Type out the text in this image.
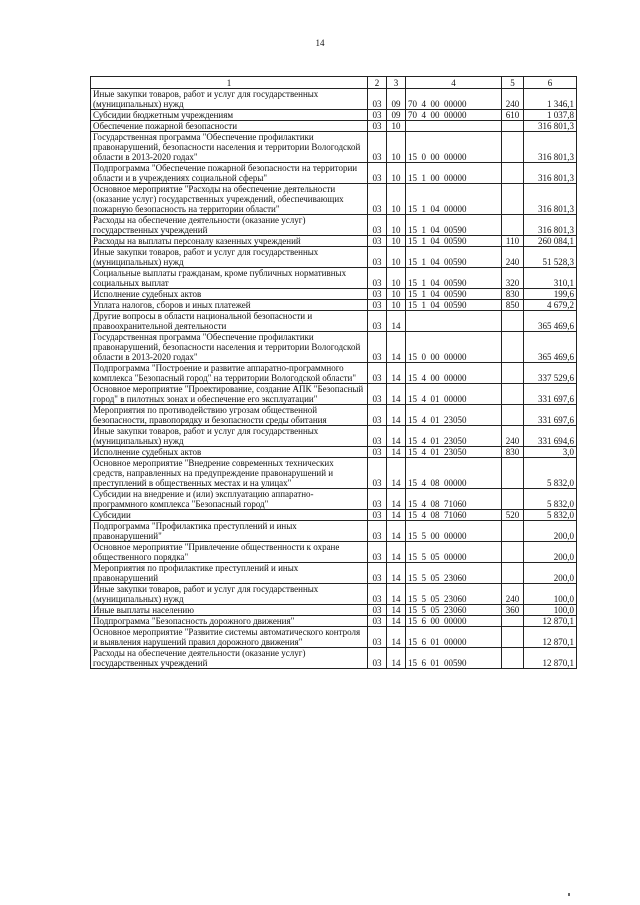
14
1	2	3	4	5	6
Иные закупки товаров, работ и услуг для государственных (муниципальных) нужд	03	09	70  4  00  00000	240	1 346,1
Субсидии бюджетным учреждениям	03	09	70  4  00  00000	610	1 037,8
Обеспечение пожарной безопасности	03	10			316 801,3
Государственная программа "Обеспечение профилактики правонарушений, безопасности населения и территории Вологодской области в 2013-2020 годах"	03	10	15  0  00  00000		316 801,3
Подпрограмма "Обеспечение пожарной безопасности на территории области и в учреждениях социальной сферы"	03	10	15  1  00  00000		316 801,3
Основное мероприятие "Расходы на обеспечение деятельности (оказание услуг) государственных учреждений, обеспечивающих пожарную безопасность на территории области"	03	10	15  1  04  00000		316 801,3
Расходы на обеспечение деятельности (оказание услуг) государственных учреждений	03	10	15  1  04  00590		316 801,3
Расходы на выплаты персоналу казенных учреждений	03	10	15  1  04  00590	110	260 084,1
Иные закупки товаров, работ и услуг для государственных (муниципальных) нужд	03	10	15  1  04  00590	240	51 528,3
Социальные выплаты гражданам, кроме публичных нормативных социальных выплат	03	10	15  1  04  00590	320	310,1
Исполнение судебных актов	03	10	15  1  04  00590	830	199,6
Уплата налогов, сборов и иных платежей	03	10	15  1  04  00590	850	4 679,2
Другие вопросы в области национальной безопасности и правоохранительной деятельности	03	14			365 469,6
Государственная программа "Обеспечение профилактики правонарушений, безопасности населения и территории Вологодской области в 2013-2020 годах"	03	14	15  0  00  00000		365 469,6
Подпрограмма "Построение и развитие аппаратно-программного комплекса "Безопасный город" на территории Вологодской области"	03	14	15  4  00  00000		337 529,6
Основное мероприятие "Проектирование, создание АПК "Безопасный город" в пилотных зонах и обеспечение его эксплуатации"	03	14	15  4  01  00000		331 697,6
Мероприятия по противодействию угрозам общественной безопасности, правопорядку и безопасности среды обитания	03	14	15  4  01  23050		331 697,6
Иные закупки товаров, работ и услуг для государственных (муниципальных) нужд	03	14	15  4  01  23050	240	331 694,6
Исполнение судебных актов	03	14	15  4  01  23050	830	3,0
Основное мероприятие "Внедрение современных технических средств, направленных на предупреждение правонарушений и преступлений в общественных местах и на улицах"	03	14	15  4  08  00000		5 832,0
Субсидии на внедрение и (или) эксплуатацию аппаратно-программного комплекса "Безопасный город"	03	14	15  4  08  71060		5 832,0
Субсидии	03	14	15  4  08  71060	520	5 832,0
Подпрограмма "Профилактика преступлений и иных правонарушений"	03	14	15  5  00  00000		200,0
Основное мероприятие "Привлечение общественности к охране общественного порядка"	03	14	15  5  05  00000		200,0
Мероприятия по профилактике преступлений и иных правонарушений	03	14	15  5  05  23060		200,0
Иные закупки товаров, работ и услуг для государственных (муниципальных) нужд	03	14	15  5  05  23060	240	100,0
Иные выплаты населению	03	14	15  5  05  23060	360	100,0
Подпрограмма "Безопасность дорожного движения"	03	14	15  6  00  00000		12 870,1
Основное мероприятие "Развитие системы автоматического контроля и выявления нарушений правил дорожного движения"	03	14	15  6  01  00000		12 870,1
Расходы на обеспечение деятельности (оказание услуг) государственных учреждений	03	14	15  6  01  00590		12 870,1
